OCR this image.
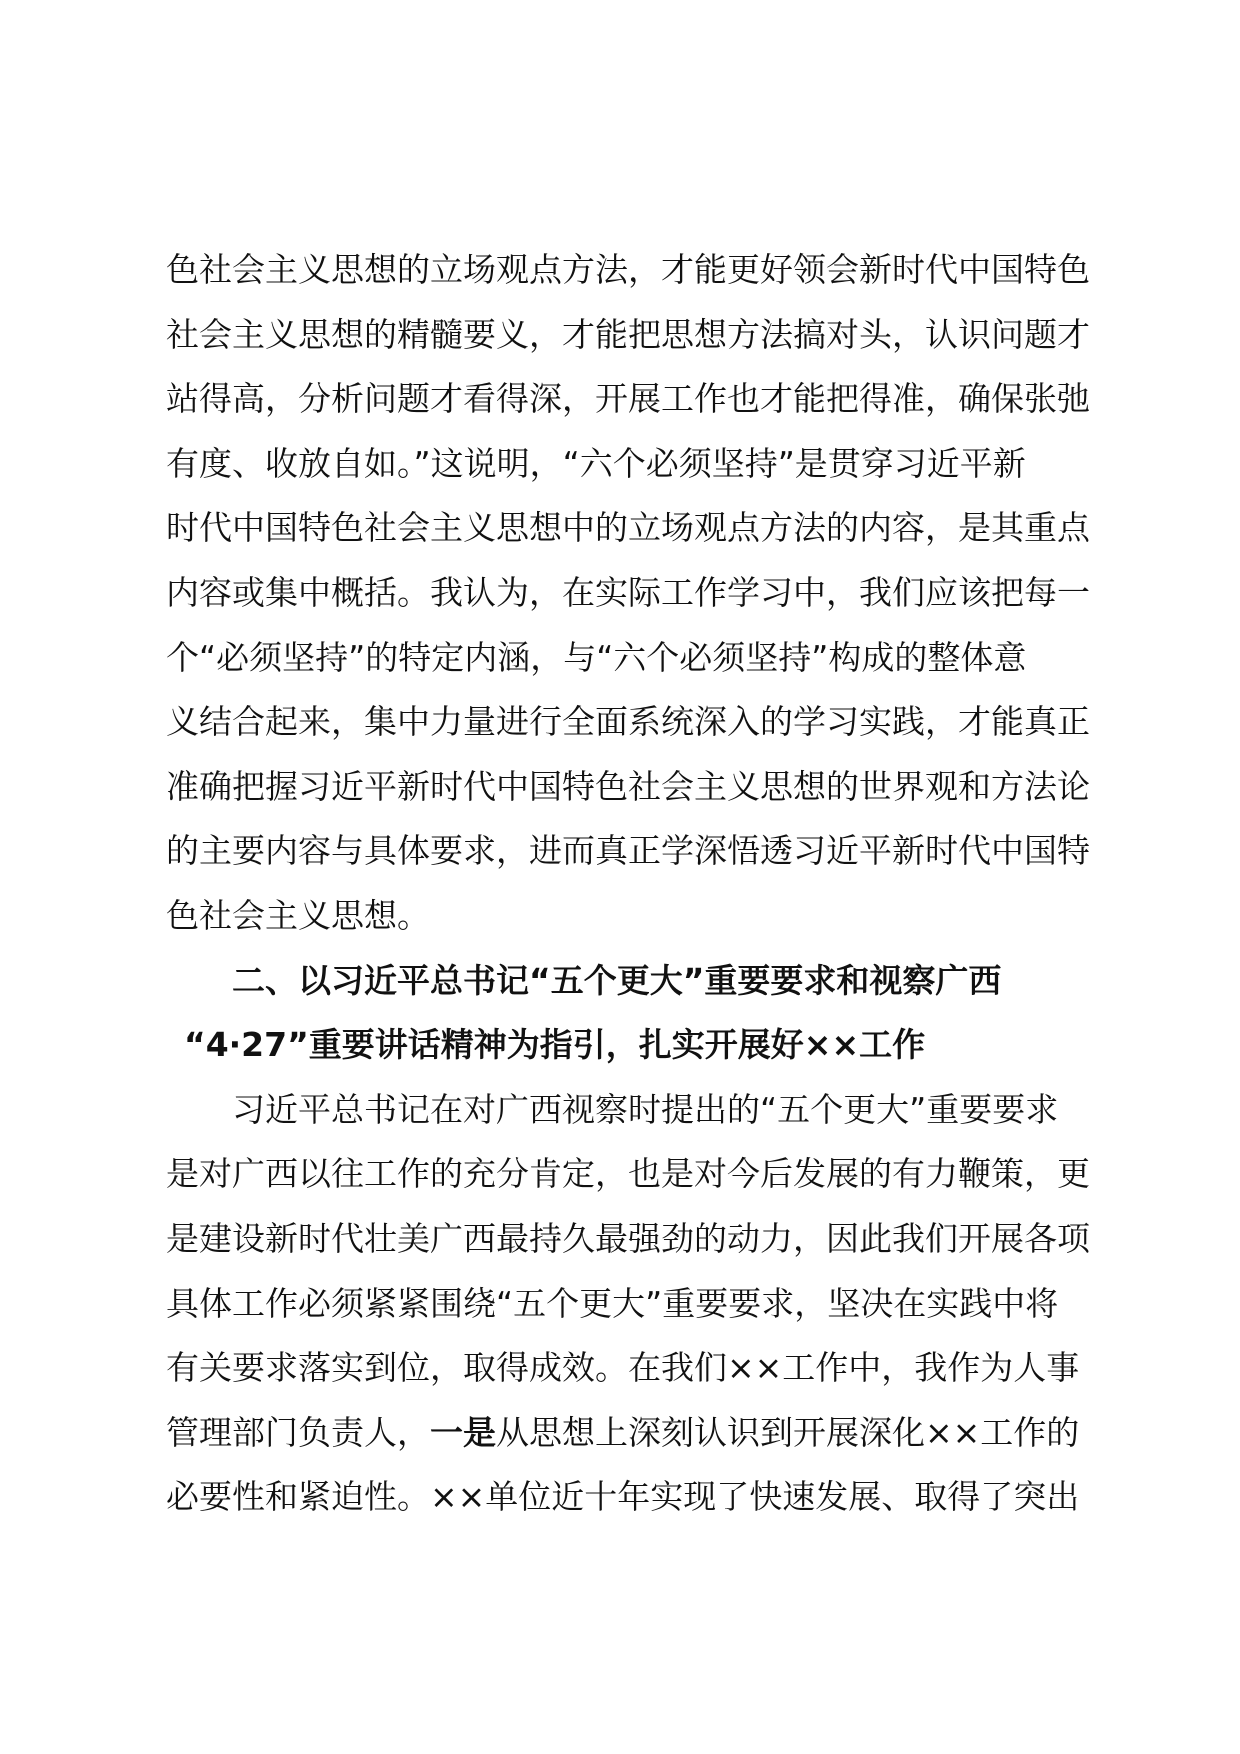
色社会主义思想的立场观点方法，才能更好领会新时代中国特色
社会主义思想的精髓要义，才能把思想方法搞对头，认识问题才
站得高，分析问题才看得深，开展工作也才能把得准，确保张弛
有度、收放自如。”这说明，“六个必须坚持”是贯穿习近平新
时代中国特色社会主义思想中的立场观点方法的内容，是其重点
内容或集中概括。我认为，在实际工作学习中，我们应该把每一
个“必须坚持”的特定内涵，与“六个必须坚持”构成的整体意
义结合起来，集中力量进行全面系统深入的学习实践，才能真正
准确把握习近平新时代中国特色社会主义思想的世界观和方法论
的主要内容与具体要求，进而真正学深悟透习近平新时代中国特
色社会主义思想。
二、以习近平总书记“五个更大”重要要求和视察广西
“4·27”重要讲话精神为指引，扎实开展好××工作
习近平总书记在对广西视察时提出的“五个更大”重要要求
是对广西以往工作的充分肯定，也是对今后发展的有力鞭策，更
是建设新时代壮美广西最持久最强劲的动力，因此我们开展各项
具体工作必须紧紧围绕“五个更大”重要要求，坚决在实践中将
有关要求落实到位，取得成效。在我们××工作中，我作为人事
管理部门负责人，一是从思想上深刻认识到开展深化××工作的
必要性和紧迫性。××单位近十年实现了快速发展、取得了突出
